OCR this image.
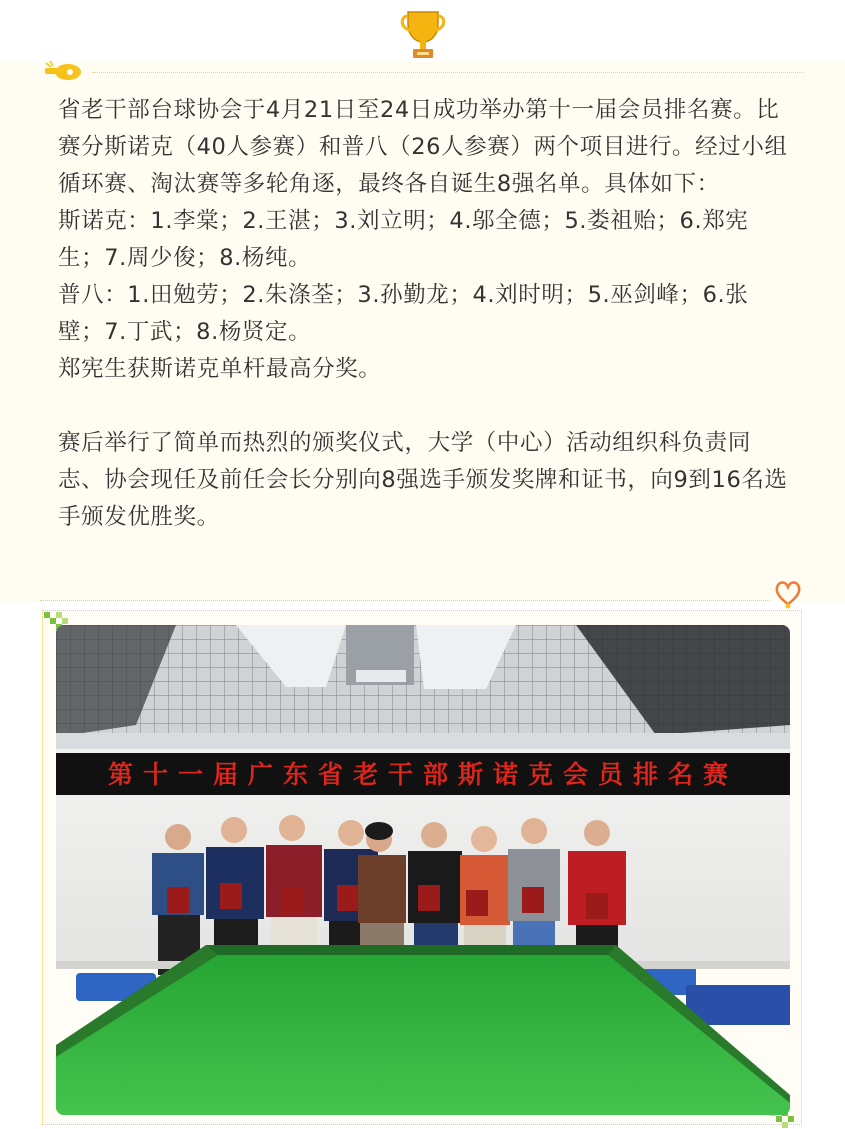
省老干部台球协会于4月21日至24日成功举办第十一届会员排名赛。比赛分斯诺克（40人参赛）和普八（26人参赛）两个项目进行。经过小组循环赛、淘汰赛等多轮角逐，最终各自诞生8强名单。具体如下：

斯诺克：1.李棠；2.王湛；3.刘立明；4.邬全德；5.娄祖贻；6.郑宪生；7.周少俊；8.杨纯。

普八：1.田勉劳；2.朱涤荃；3.孙勤龙；4.刘时明；5.巫剑峰；6.张壁；7.丁武；8.杨贤定。

郑宪生获斯诺克单杆最高分奖。

赛后举行了简单而热烈的颁奖仪式，大学（中心）活动组织科负责同志、协会现任及前任会长分别向8强选手颁发奖牌和证书，向9到16名选手颁发优胜奖。

第十一届广东省老干部斯诺克会员排名赛
